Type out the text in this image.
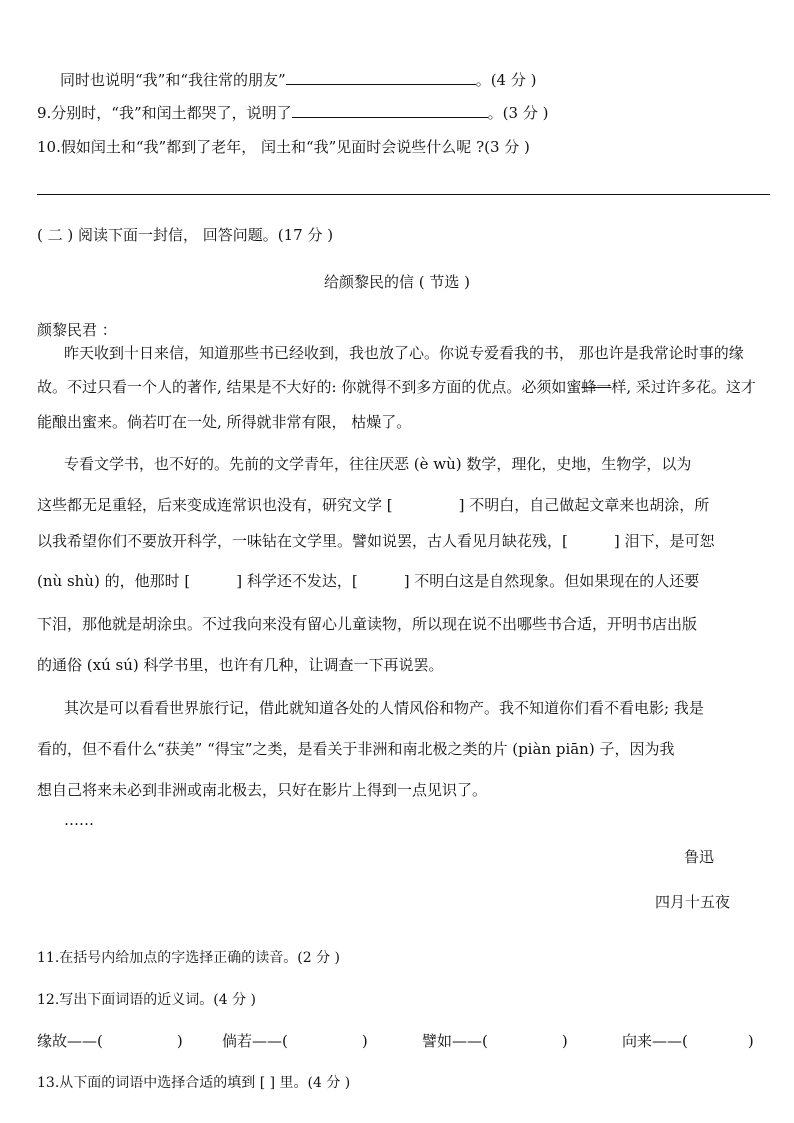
同时也说明“我”和“我往常的朋友”	。(4 分 )
9.分别时，“我”和闰土都哭了，说明了	。(3 分 )
10.假如闰土和“我”都到了老年， 闰土和“我”见面时会说些什么呢 ?(3 分 )
( 二 ) 阅读下面一封信， 回答问题。(17 分 )
给颜黎民的信 ( 节选 )
颜黎民君 ：
昨天收到十日来信，知道那些书已经收到，我也放了心。你说专爱看我的书， 那也许是我常论时事的缘
故。不过只看一个人的著作, 结果是不大好的: 你就得不到多方面的优点。必须如蜜蜂一样, 采过许多花。这才
能酿出蜜来。倘若叮在一处, 所得就非常有限， 枯燥了。
专看文学书，也不好的。先前的文学青年，往往厌恶 (è wù) 数学，理化，史地，生物学，以为
这些都无足重轻，后来变成连常识也没有，研究文学 [	] 不明白，自己做起文章来也胡涂，所
以我希望你们不要放开科学，一味钻在文学里。譬如说罢，古人看见月缺花残，[	] 泪下，是可恕
(nù shù) 的，他那时 [	] 科学还不发达，[	] 不明白这是自然现象。但如果现在的人还要
下泪，那他就是胡涂虫。不过我向来没有留心儿童读物，所以现在说不出哪些书合适，开明书店出版
的通俗 (xú sú) 科学书里，也许有几种，让调查一下再说罢。
其次是可以看看世界旅行记，借此就知道各处的人情风俗和物产。我不知道你们看不看电影; 我是
看的，但不看什么“获美” “得宝”之类，是看关于非洲和南北极之类的片 (piàn piān) 子，因为我
想自己将来未必到非洲或南北极去，只好在影片上得到一点见识了。
……
鲁迅
四月十五夜
11.在括号内给加点的字选择正确的读音。(2 分 )
12.写出下面词语的近义词。(4 分 )
缘故——(	)	倘若——(	)	譬如——(	)	向来——(	)
13.从下面的词语中选择合适的填到 [ ] 里。(4 分 )
